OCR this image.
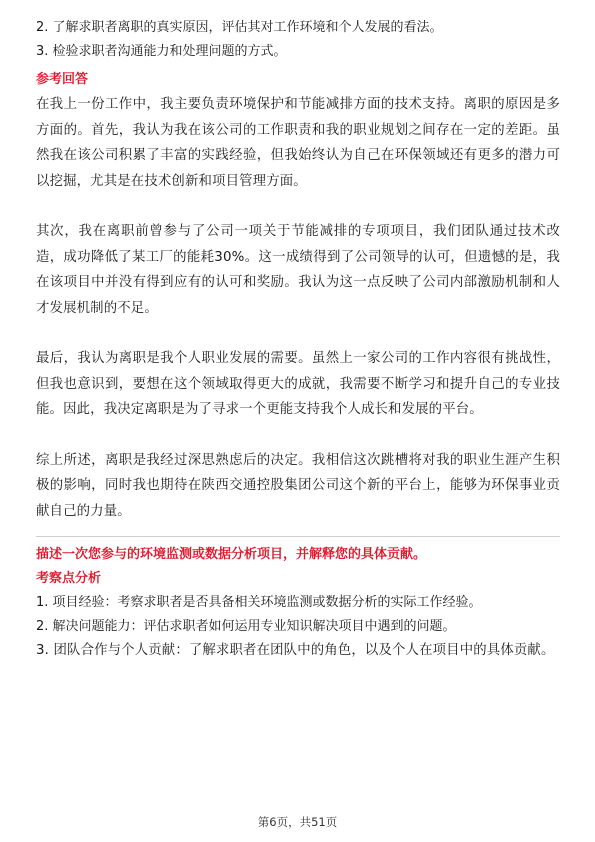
2. 了解求职者离职的真实原因，评估其对工作环境和个人发展的看法。
3. 检验求职者沟通能力和处理问题的方式。
参考回答

在我上一份工作中，我主要负责环境保护和节能减排方面的技术支持。离职的原因是多方面的。首先，我认为我在该公司的工作职责和我的职业规划之间存在一定的差距。虽然我在该公司积累了丰富的实践经验，但我始终认为自己在环保领域还有更多的潜力可以挖掘，尤其是在技术创新和项目管理方面。

其次，我在离职前曾参与了公司一项关于节能减排的专项项目，我们团队通过技术改造，成功降低了某工厂的能耗30%。这一成绩得到了公司领导的认可，但遗憾的是，我在该项目中并没有得到应有的认可和奖励。我认为这一点反映了公司内部激励机制和人才发展机制的不足。

最后，我认为离职是我个人职业发展的需要。虽然上一家公司的工作内容很有挑战性，但我也意识到，要想在这个领域取得更大的成就，我需要不断学习和提升自己的专业技能。因此，我决定离职是为了寻求一个更能支持我个人成长和发展的平台。

综上所述，离职是我经过深思熟虑后的决定。我相信这次跳槽将对我的职业生涯产生积极的影响，同时我也期待在陕西交通控股集团公司这个新的平台上，能够为环保事业贡献自己的力量。

描述一次您参与的环境监测或数据分析项目，并解释您的具体贡献。
考察点分析
1. 项目经验：考察求职者是否具备相关环境监测或数据分析的实际工作经验。
2. 解决问题能力：评估求职者如何运用专业知识解决项目中遇到的问题。

3. 团队合作与个人贡献：了解求职者在团队中的角色，以及个人在项目中的具体贡献。

第6页，共51页
